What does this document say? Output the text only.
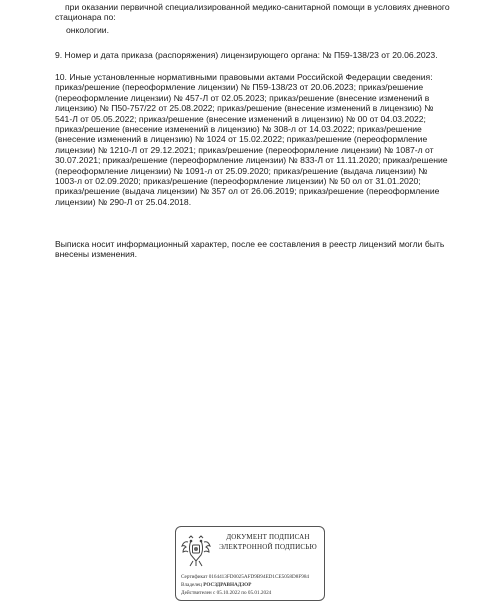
при оказании первичной специализированной медико-санитарной помощи в условиях дневного
стационара по:
онкологии.
9. Номер и дата приказа (распоряжения) лицензирующего органа: № П59-138/23 от 20.06.2023.
10. Иные установленные нормативными правовыми актами Российской Федерации сведения: приказ/решение (переоформление лицензии) № П59-138/23 от 20.06.2023; приказ/решение (переоформление лицензии) № 457-Л от 02.05.2023; приказ/решение (внесение изменений в лицензию) № П50-757/22 от 25.08.2022; приказ/решение (внесение изменений в лицензию) № 541-Л от 05.05.2022; приказ/решение (внесение изменений в лицензию) № 00 от 04.03.2022; приказ/решение (внесение изменений в лицензию) № 308-л от 14.03.2022; приказ/решение (внесение изменений в лицензию) № 1024 от 15.02.2022; приказ/решение (переоформление лицензии) № 1210-Л от 29.12.2021; приказ/решение (переоформление лицензии) № 1087-л от 30.07.2021; приказ/решение (переоформление лицензии) № 833-Л от 11.11.2020; приказ/решение (переоформление лицензии) № 1091-л от 25.09.2020; приказ/решение (выдача лицензии) № 1003-л от 02.09.2020; приказ/решение (переоформление лицензии) № 50 ол от 31.01.2020; приказ/решение (выдача лицензии) № 357 ол от 26.06.2019; приказ/решение (переоформление лицензии) № 290-Л от 25.04.2018.
Выписка носит информационный характер, после ее составления в реестр лицензий могли быть внесены изменения.
ДОКУМЕНТ ПОДПИСАН
ЭЛЕКТРОННОЙ ПОДПИСЬЮ
Сертификат 0164413FD0025AFD9B94ED1CE5058D8F984
Владелец РОСЗДРАВНАДЗОР
Действителен с 05.10.2022 по 05.01.2024
